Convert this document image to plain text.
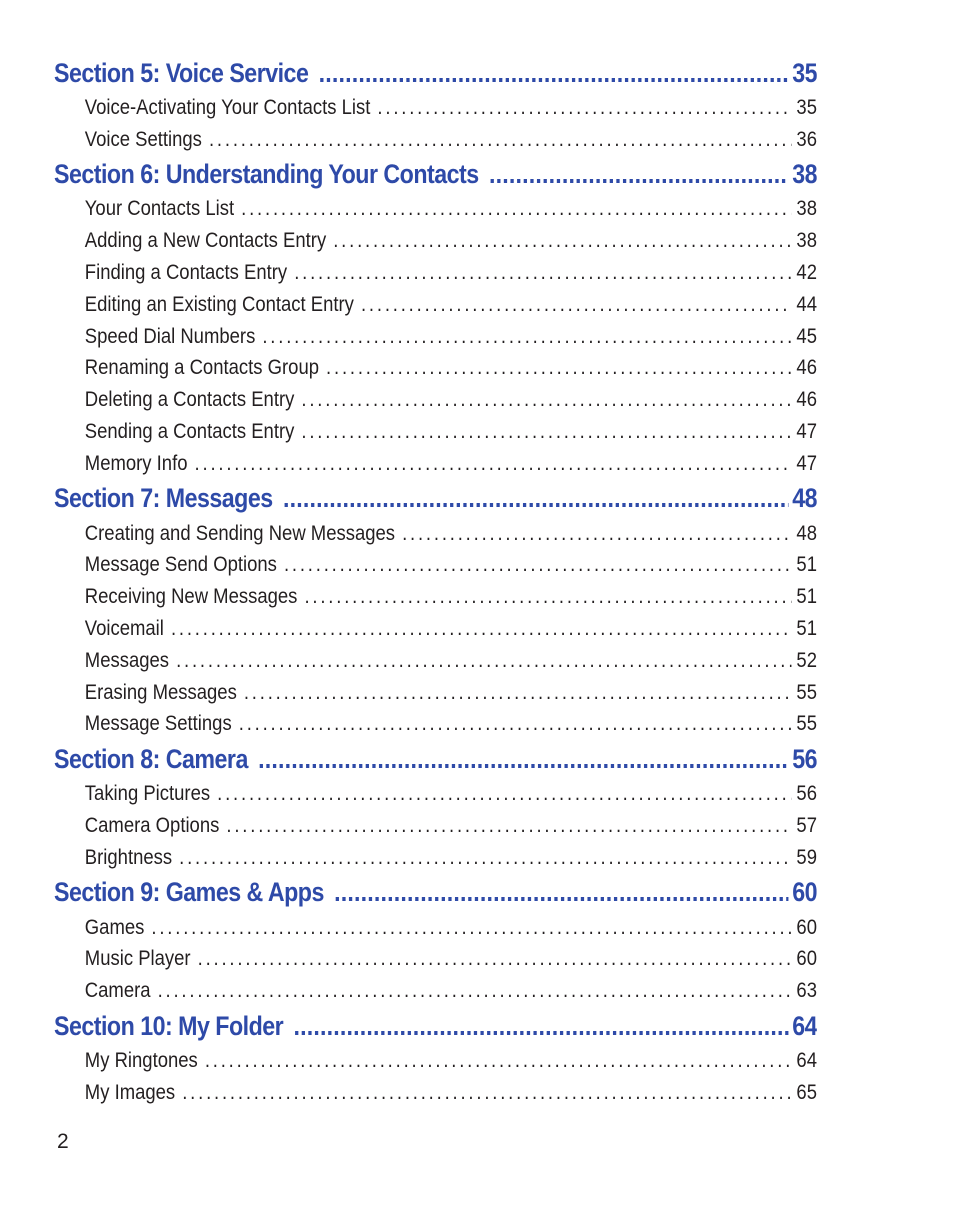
Section 5: Voice Service .....	35
Voice-Activating Your Contacts List .....	35
Voice Settings .....	36
Section 6: Understanding Your Contacts .....	38
Your Contacts List .....	38
Adding a New Contacts Entry .....	38
Finding a Contacts Entry .....	42
Editing an Existing Contact Entry .....	44
Speed Dial Numbers .....	45
Renaming a Contacts Group .....	46
Deleting a Contacts Entry .....	46
Sending a Contacts Entry .....	47
Memory Info .....	47
Section 7: Messages .....	48
Creating and Sending New Messages .....	48
Message Send Options .....	51
Receiving New Messages .....	51
Voicemail .....	51
Messages .....	52
Erasing Messages .....	55
Message Settings .....	55
Section 8: Camera .....	56
Taking Pictures .....	56
Camera Options .....	57
Brightness .....	59
Section 9: Games & Apps .....	60
Games .....	60
Music Player .....	60
Camera .....	63
Section 10: My Folder .....	64
My Ringtones .....	64
My Images .....	65
2
